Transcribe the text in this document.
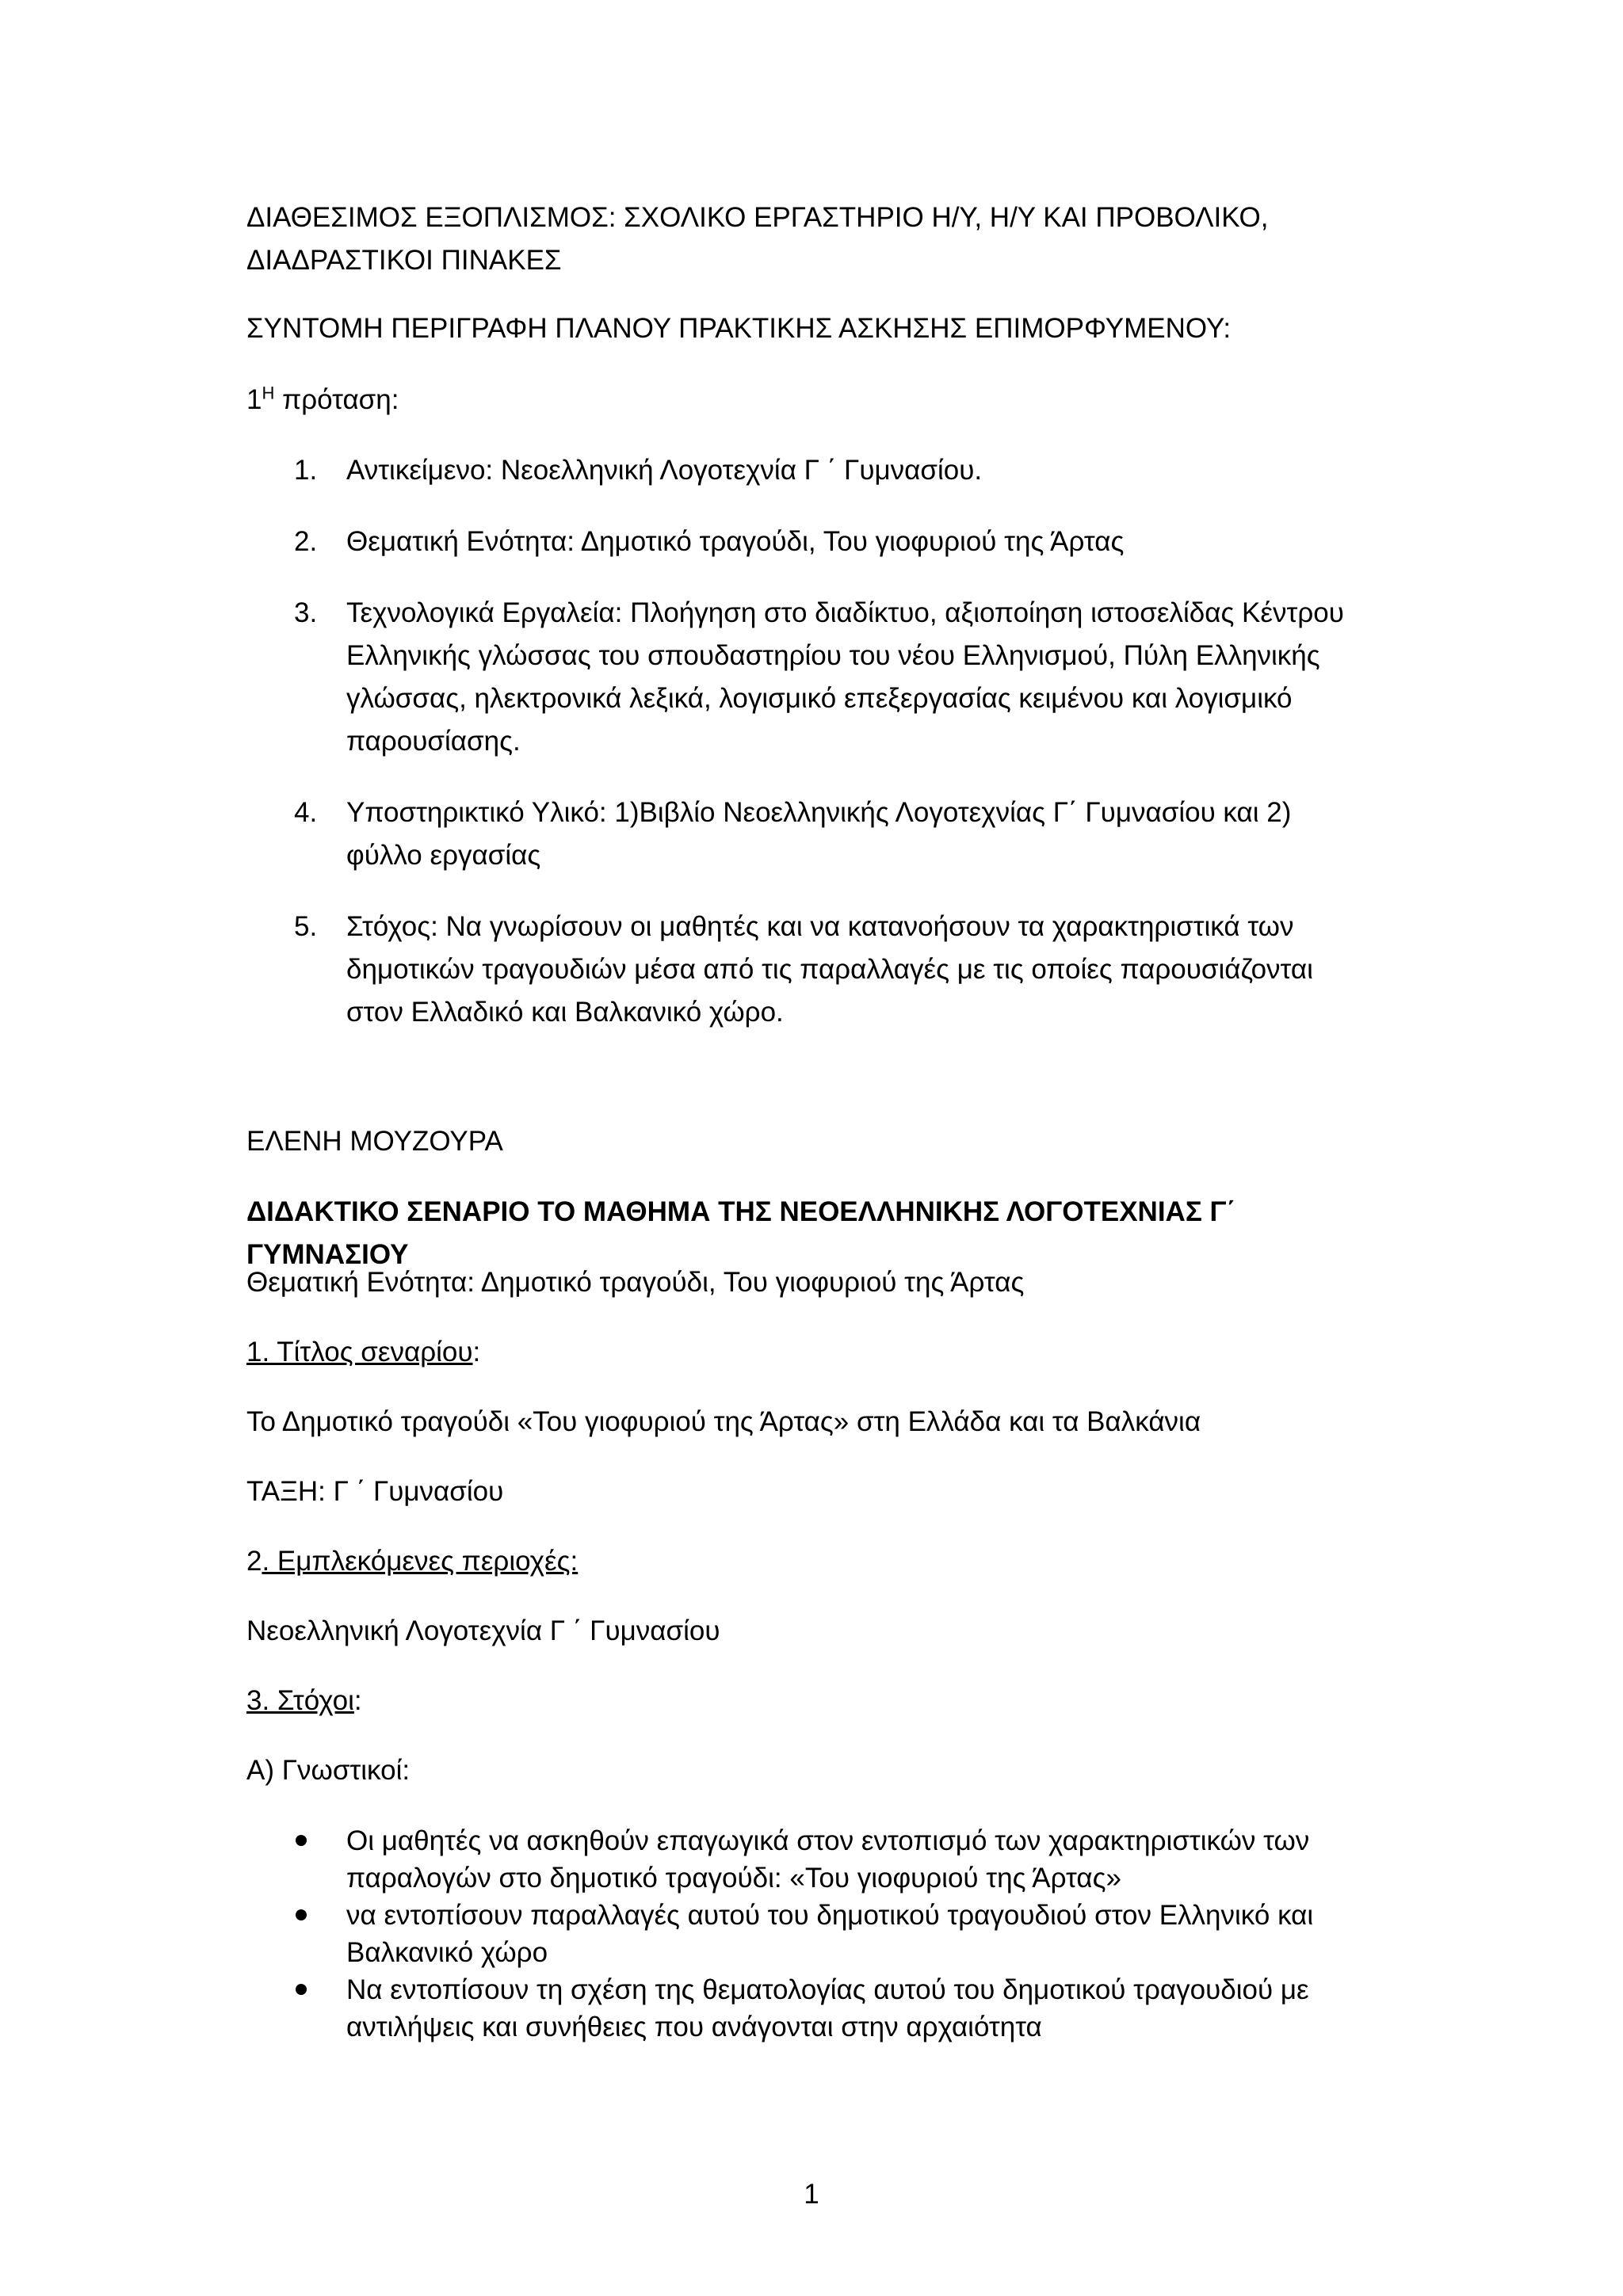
ΔΙΑΘΕΣΙΜΟΣ ΕΞΟΠΛΙΣΜΟΣ: ΣΧΟΛΙΚΟ ΕΡΓΑΣΤΗΡΙΟ Η/Υ, Η/Υ ΚΑΙ ΠΡΟΒΟΛΙΚΟ, ΔΙΑΔΡΑΣΤΙΚΟΙ ΠΙΝΑΚΕΣ

ΣΥΝΤΟΜΗ ΠΕΡΙΓΡΑΦΗ ΠΛΑΝΟΥ ΠΡΑΚΤΙΚΗΣ ΑΣΚΗΣΗΣ ΕΠΙΜΟΡΦΥΜΕΝΟΥ:

$1^H$ πρόταση:

1. Αντικείμενο: Νεοελληνική Λογοτεχνία Γ ΄ Γυμνασίου.
2. Θεματική Ενότητα: Δημοτικό τραγούδι, Του γιοφυριού της Άρτας
3. Τεχνολογικά Εργαλεία: Πλοήγηση στο διαδίκτυο, αξιοποίηση ιστοσελίδας Κέντρου Ελληνικής γλώσσας του σπουδαστηρίου του νέου Ελληνισμού, Πύλη Ελληνικής γλώσσας, ηλεκτρονικά λεξικά, λογισμικό επεξεργασίας κειμένου και λογισμικό παρουσίασης.
4. Υποστηρικτικό Υλικό: 1)Βιβλίο Νεοελληνικής Λογοτεχνίας Γ΄ Γυμνασίου και 2) φύλλο εργασίας
5. Στόχος: Να γνωρίσουν οι μαθητές και να κατανοήσουν τα χαρακτηριστικά των δημοτικών τραγουδιών μέσα από τις παραλλαγές με τις οποίες παρουσιάζονται στον Ελλαδικό και Βαλκανικό χώρο.

ΕΛΕΝΗ ΜΟΥΖΟΥΡΑ

ΔΙΔΑΚΤΙΚΟ ΣΕΝΑΡΙΟ ΤΟ ΜΑΘΗΜΑ ΤΗΣ ΝΕΟΕΛΛΗΝΙΚΗΣ ΛΟΓΟΤΕΧΝΙΑΣ Γ΄ ΓΥΜΝΑΣΙΟΥ

Θεματική Ενότητα: Δημοτικό τραγούδι, Του γιοφυριού της Άρτας

1. Τίτλος σεναρίου:

Το Δημοτικό τραγούδι «Του γιοφυριού της Άρτας» στη Ελλάδα και τα Βαλκάνια

ΤΑΞΗ: Γ ΄ Γυμνασίου

2. Εμπλεκόμενες περιοχές:

Νεοελληνική Λογοτεχνία Γ ΄ Γυμνασίου

3. Στόχοι:

Α) Γνωστικοί:

Οι μαθητές να ασκηθούν επαγωγικά στον εντοπισμό των χαρακτηριστικών των παραλογών στο δημοτικό τραγούδι: «Του γιοφυριού της Άρτας»
να εντοπίσουν παραλλαγές αυτού του δημοτικού τραγουδιού στον Ελληνικό και Βαλκανικό χώρο
Να εντοπίσουν τη σχέση της θεματολογίας αυτού του δημοτικού τραγουδιού με αντιλήψεις και συνήθειες που ανάγονται στην αρχαιότητα
1
